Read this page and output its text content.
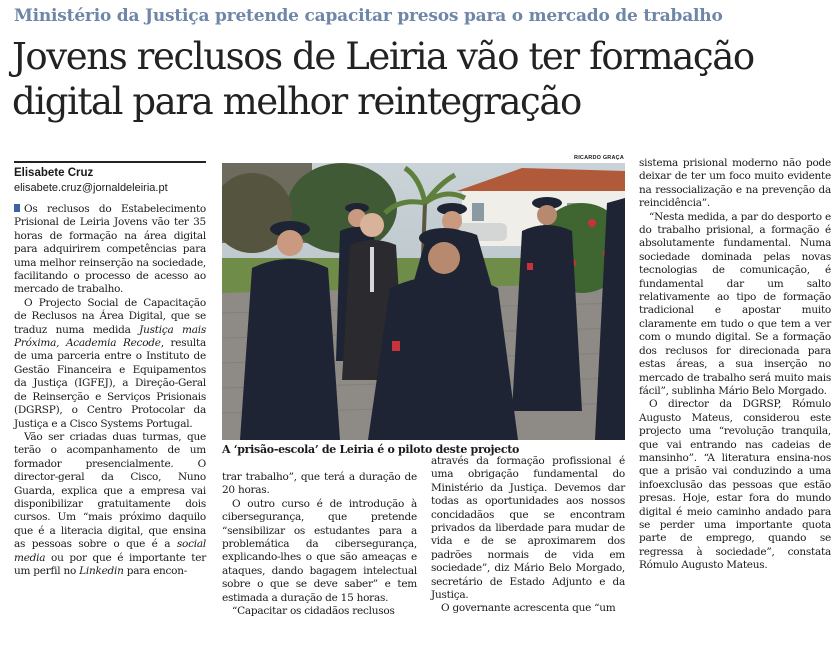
Ministério da Justiça pretende capacitar presos para o mercado de trabalho
Jovens reclusos de Leiria vão ter formação digital para melhor reintegração
Elisabete Cruz
elisabete.cruz@jornaldeleiria.pt

Os reclusos do Estabelecimento Prisional de Leiria Jovens vão ter 35 horas de formação na área digital para adquirirem competências para uma melhor reinserção na sociedade, facilitando o processo de acesso ao mercado de trabalho.

O Projecto Social de Capacitação de Reclusos na Área Digital, que se traduz numa medida Justiça mais Próxima, Academia Recode, resulta de uma parceria entre o Instituto de Gestão Financeira e Equipamentos da Justiça (IGFEJ), a Direção-Geral de Reinserção e Serviços Prisionais (DGRSP), o Centro Protocolar da Justiça e a Cisco Systems Portugal.

Vão ser criadas duas turmas, que terão o acompanhamento de um formador presencialmente. O director-geral da Cisco, Nuno Guarda, explica que a empresa vai disponibilizar gratuitamente dois cursos. Um “mais próximo daquilo que é a literacia digital, que ensina as pessoas sobre o que é a social media ou por que é importante ter um perfil no Linkedin para encon-

RICARDO GRAÇA
A ‘prisão-escola’ de Leiria é o piloto deste projecto

trar trabalho”, que terá a duração de 20 horas.

O outro curso é de introdução à cibersegurança, que pretende “sensibilizar os estudantes para a problemática da cibersegurança, explicando-lhes o que são ameaças e ataques, dando bagagem intelectual sobre o que se deve saber” e tem estimada a duração de 15 horas.

“Capacitar os cidadãos reclusos

através da formação profissional é uma obrigação fundamental do Ministério da Justiça. Devemos dar todas as oportunidades aos nossos concidadãos que se encontram privados da liberdade para mudar de vida e de se aproximarem dos padrões normais de vida em sociedade”, diz Mário Belo Morgado, secretário de Estado Adjunto e da Justiça.

O governante acrescenta que “um

sistema prisional moderno não pode deixar de ter um foco muito evidente na ressocialização e na prevenção da reincidência”.

“Nesta medida, a par do desporto e do trabalho prisional, a formação é absolutamente fundamental. Numa sociedade dominada pelas novas tecnologias de comunicação, é fundamental dar um salto relativamente ao tipo de formação tradicional e apostar muito claramente em tudo o que tem a ver com o mundo digital. Se a formação dos reclusos for direcionada para estas áreas, a sua inserção no mercado de trabalho será muito mais fácil”, sublinha Mário Belo Morgado.

O director da DGRSP, Rómulo Augusto Mateus, considerou este projecto uma “revolução tranquila, que vai entrando nas cadeias de mansinho”. “A literatura ensina-nos que a prisão vai conduzindo a uma infoexclusão das pessoas que estão presas. Hoje, estar fora do mundo digital é meio caminho andado para se perder uma importante quota parte de emprego, quando se regressa à sociedade”, constata Rómulo Augusto Mateus.
